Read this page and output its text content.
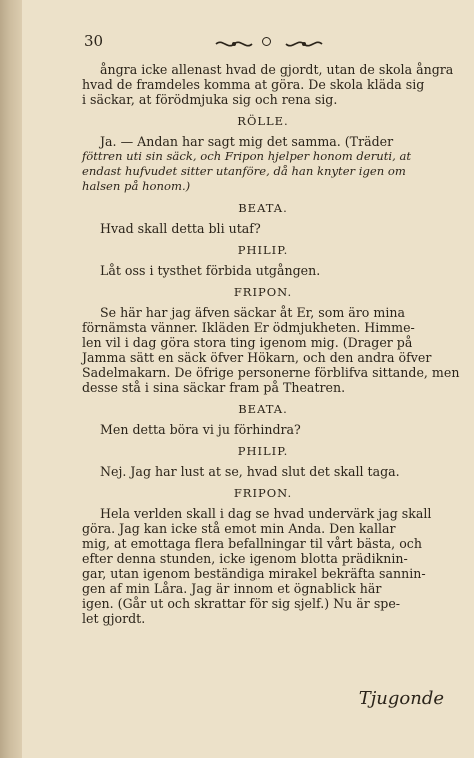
30
ångra icke allenast hvad de gjordt, utan de skola ångra
hvad de framdeles komma at göra. De skola kläda sig
i säckar, at förödmjuka sig och rena sig.
RÖLLE.
Ja. — Andan har sagt mig det samma. (Träder
föttren uti sin säck, och Fripon hjelper honom deruti, at
endast hufvudet sitter utanföre, då han knyter igen om
halsen på honom.)
BEATA.
Hvad skall detta bli utaf?
PHILIP.
Låt oss i tysthet förbida utgången.
FRIPON.
Se här har jag äfven säckar åt Er, som äro mina
förnämsta vänner. Ikläden Er ödmjukheten. Himme-
len vil i dag göra stora ting igenom mig. (Drager på
Jamma sätt en säck öfver Hökarn, och den andra öfver
Sadelmakarn. De öfrige personerne förblifva sittande, men
desse stå i sina säckar fram på Theatren.
BEATA.
Men detta böra vi ju förhindra?
PHILIP.
Nej. Jag har lust at se, hvad slut det skall taga.
FRIPON.
Hela verlden skall i dag se hvad undervärk jag skall
göra. Jag kan icke stå emot min Anda. Den kallar
mig, at emottaga flera befallningar til vårt bästa, och
efter denna stunden, icke igenom blotta prädiknin-
gar, utan igenom beständiga mirakel bekräfta sannin-
gen af min Låra. Jag är innom et ögnablick här
igen. (Går ut och skrattar för sig sjelf.) Nu är spe-
let gjordt.
Tjugonde
